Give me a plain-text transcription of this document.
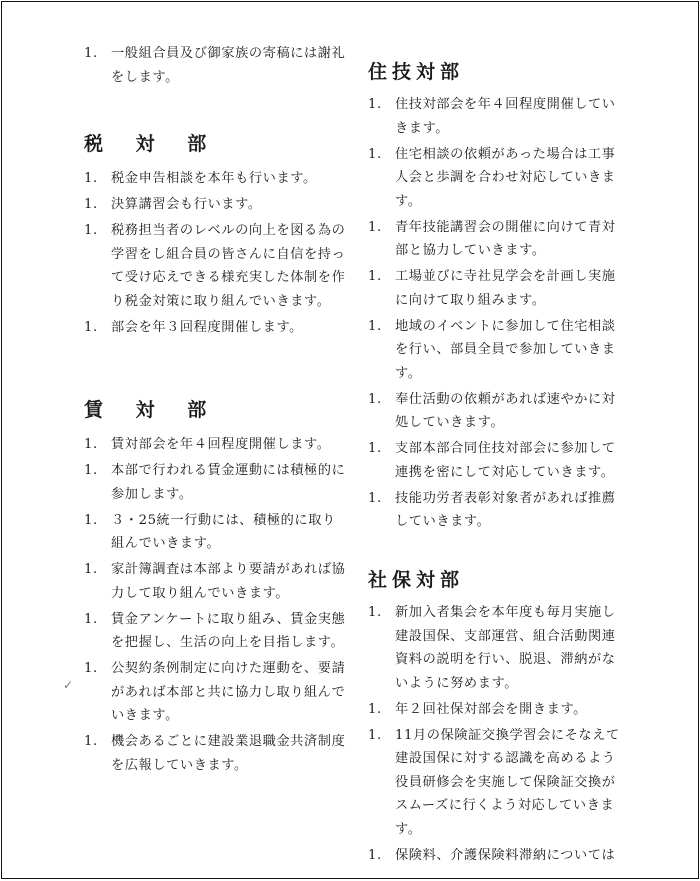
1. 一般組合員及び御家族の寄稿には謝礼をします。
税 対 部
1. 税金申告相談を本年も行います。
1. 決算講習会も行います。
1. 税務担当者のレベルの向上を図る為の学習をし組合員の皆さんに自信を持って受け応えできる様充実した体制を作り税金対策に取り組んでいきます。
1. 部会を年３回程度開催します。
賃 対 部
1. 賃対部会を年４回程度開催します。
1. 本部で行われる賃金運動には積極的に参加します。
1. ３・25統一行動には、積極的に取り組んでいきます。
1. 家計簿調査は本部より要請があれば協力して取り組んでいきます。
1. 賃金アンケートに取り組み、賃金実態を把握し、生活の向上を目指します。
1. 公契約条例制定に向けた運動を、要請があれば本部と共に協力し取り組んでいきます。
1. 機会あるごとに建設業退職金共済制度を広報していきます。
✓
住技対部
1. 住技対部会を年４回程度開催していきます。
1. 住宅相談の依頼があった場合は工事人会と歩調を合わせ対応していきます。
1. 青年技能講習会の開催に向けて青対部と協力していきます。
1. 工場並びに寺社見学会を計画し実施に向けて取り組みます。
1. 地域のイベントに参加して住宅相談を行い、部員全員で参加していきます。
1. 奉仕活動の依頼があれば速やかに対処していきます。
1. 支部本部合同住技対部会に参加して連携を密にして対応していきます。
1. 技能功労者表彰対象者があれば推薦していきます。
社保対部
1. 新加入者集会を本年度も毎月実施し建設国保、支部運営、組合活動関連資料の説明を行い、脱退、滞納がないように努めます。
1. 年２回社保対部会を開きます。
1. 11月の保険証交換学習会にそなえて建設国保に対する認識を高めるよう役員研修会を実施して保険証交換がスムーズに行くよう対応していきます。
1. 保険料、介護保険料滞納については
